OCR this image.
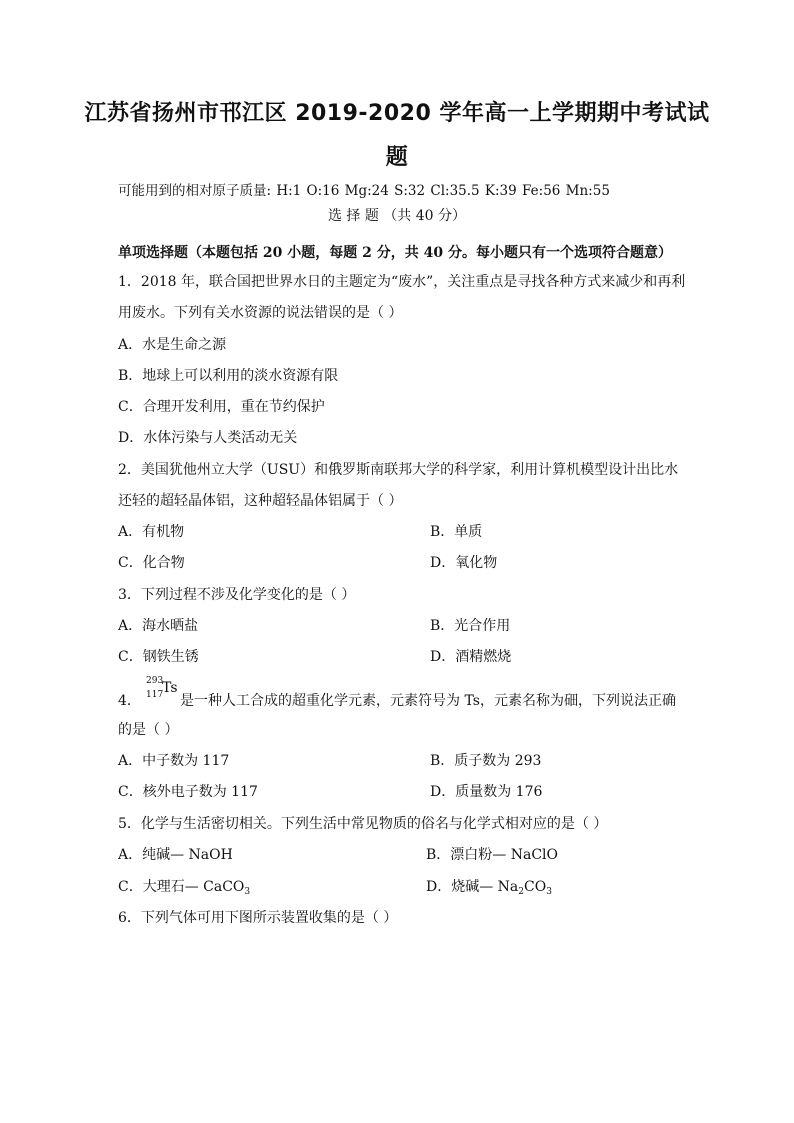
江苏省扬州市邗江区 2019-2020 学年高一上学期期中考试试
题
可能用到的相对原子质量: H:1 O:16 Mg:24 S:32 Cl:35.5 K:39 Fe:56 Mn:55
选 择 题 （共 40 分）
单项选择题（本题包括 20 小题，每题 2 分，共 40 分。每小题只有一个选项符合题意）
1．2018 年，联合国把世界水日的主题定为“废水”，关注重点是寻找各种方式来减少和再利
用废水。下列有关水资源的说法错误的是（ ）
A．水是生命之源
B．地球上可以利用的淡水资源有限
C．合理开发利用，重在节约保护
D．水体污染与人类活动无关
2．美国犹他州立大学（USU）和俄罗斯南联邦大学的科学家，利用计算机模型设计出比水
还轻的超轻晶体铝，这种超轻晶体铝属于（ ）
A．有机物	B．单质
C．化合物	D．氧化物
3．下列过程不涉及化学变化的是（ ）
A．海水晒盐	B．光合作用
C．钢铁生锈	D．酒精燃烧
4．
293
117
Ts
是一种人工合成的超重化学元素，元素符号为 Ts，元素名称为鿬，下列说法正确
的是（ ）
A．中子数为 117	B．质子数为 293
C．核外电子数为 117	D．质量数为 176
5．化学与生活密切相关。下列生活中常见物质的俗名与化学式相对应的是（ ）
A．纯碱— NaOH	B．漂白粉— NaClO
C．大理石— CaCO$_3$	D．烧碱— $Na_2CO_3$
6．下列气体可用下图所示装置收集的是（ ）
